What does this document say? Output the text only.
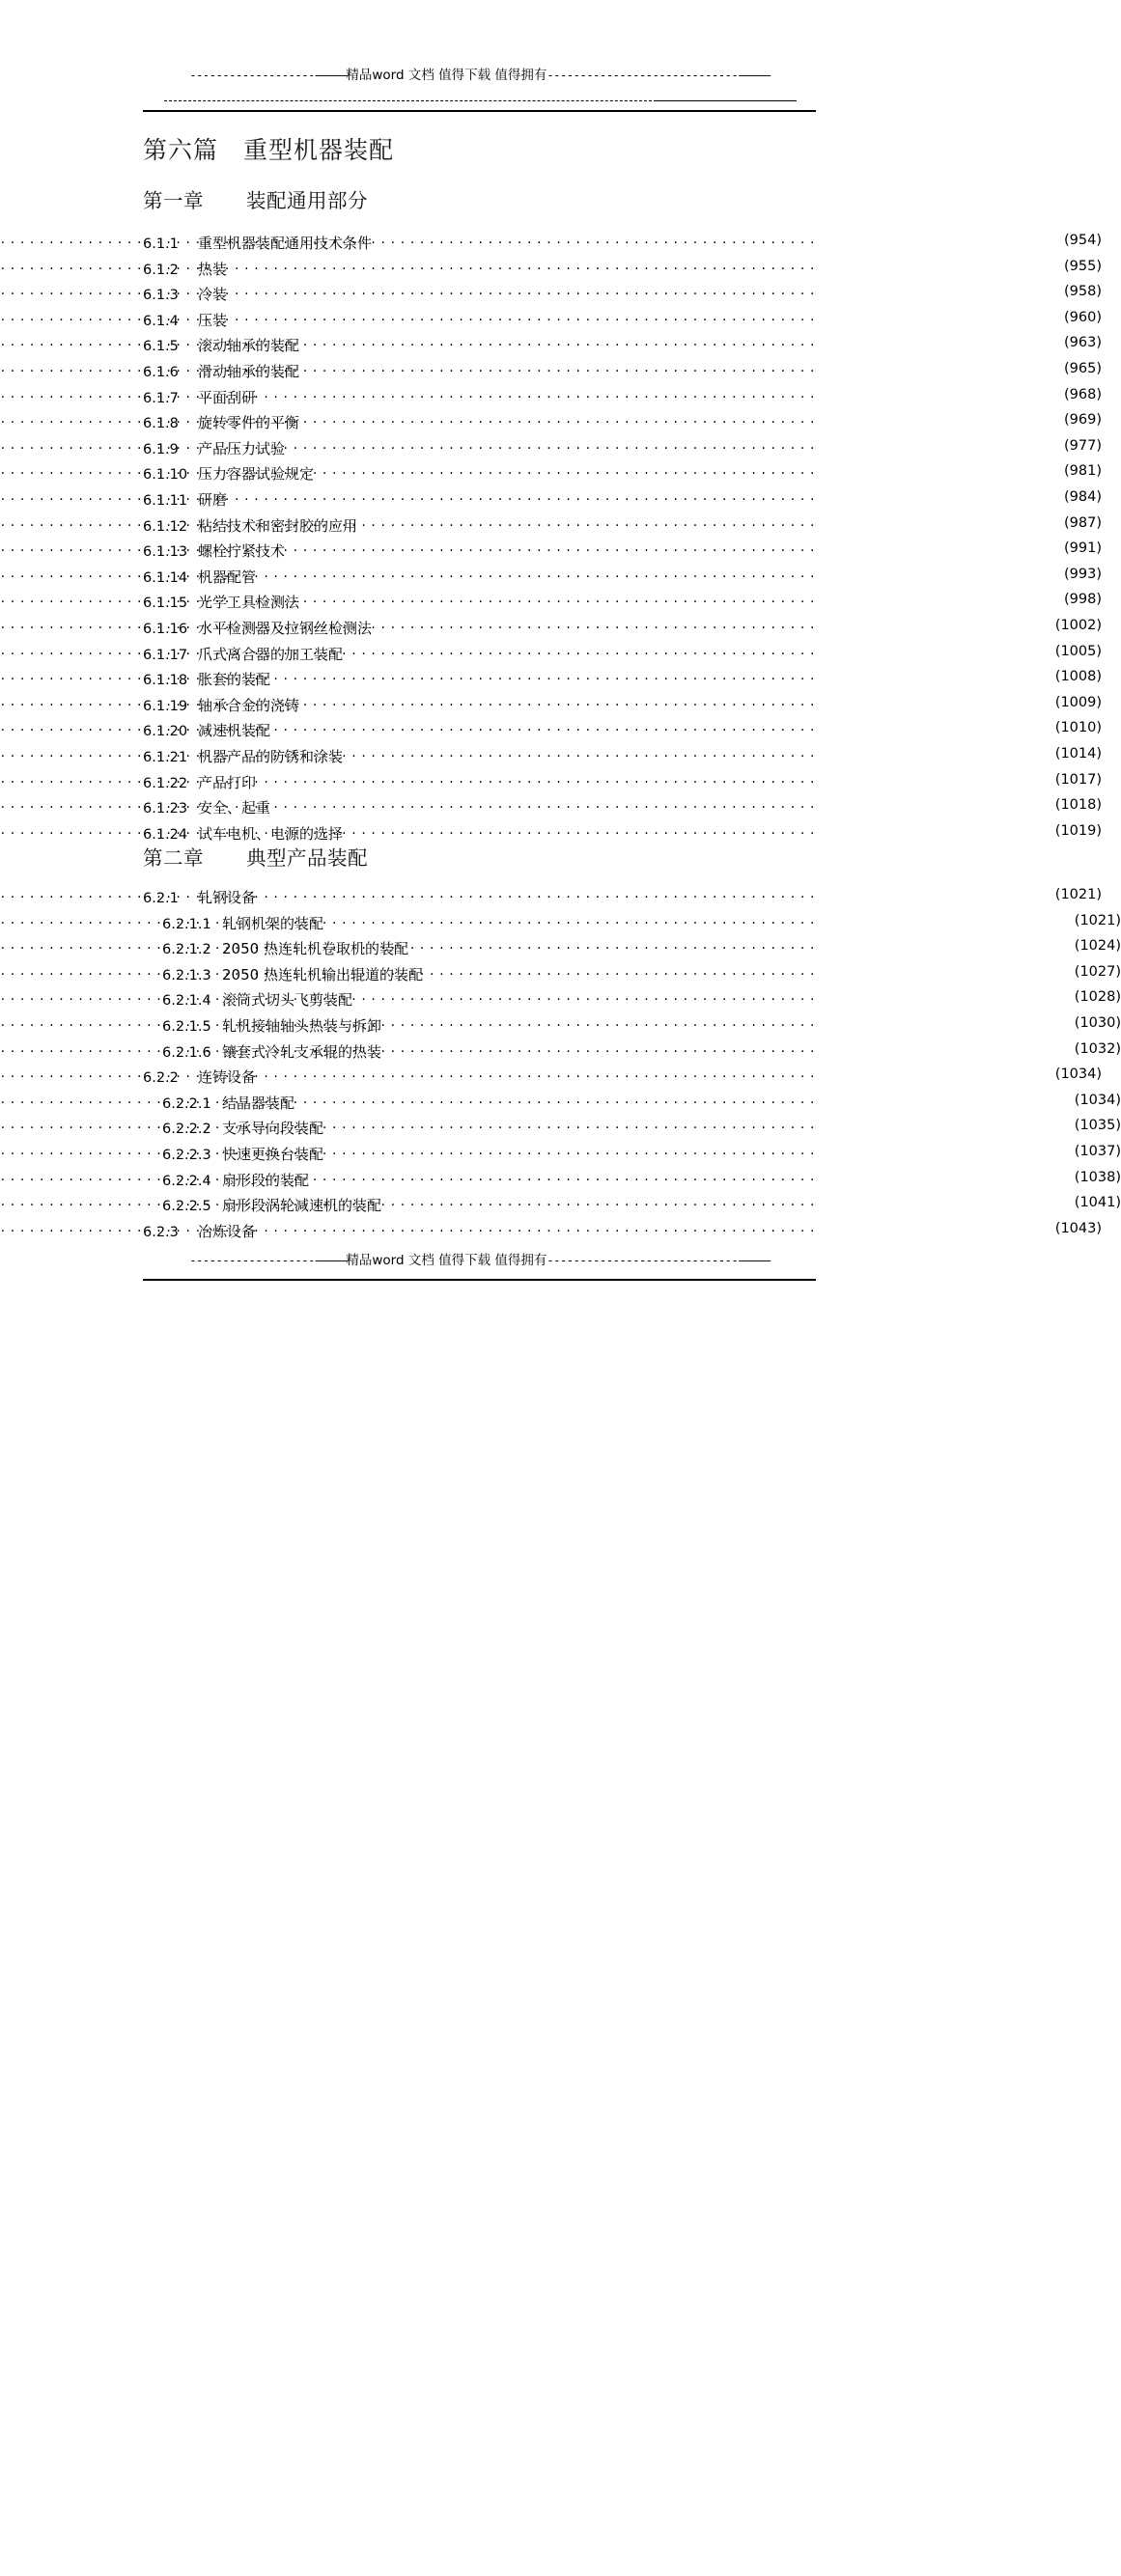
-------------------———精品word 文档 值得下载 值得拥有-----------------------------———
第六篇 重型机器装配
第一章 装配通用部分
6.1.1	重型机器装配通用技术条件 . . .	(954)
6.1.2	热装 . . .	(955)
6.1.3	冷装 . . .	(958)
6.1.4	压装 . . .	(960)
6.1.5	滚动轴承的装配 . . .	(963)
6.1.6	滑动轴承的装配 . . .	(965)
6.1.7	平面刮研 . . .	(968)
6.1.8	旋转零件的平衡 . . .	(969)
6.1.9	产品压力试验 . . .	(977)
6.1.10 压力容器试验规定 . . .	(981)
6.1.11 研磨 . . .	(984)
6.1.12 粘结技术和密封胶的应用 . . .	(987)
6.1.13 螺栓拧紧技术 . . .	(991)
6.1.14 机器配管 . . .	(993)
6.1.15 光学工具检测法 . . .	(998)
6.1.16 水平检测器及拉钢丝检测法 . . .	(1002)
6.1.17 爪式离合器的加工装配 . . .	(1005)
6.1.18 胀套的装配 . . .	(1008)
6.1.19 轴承合金的浇铸 . . .	(1009)
6.1.20 减速机装配 . . .	(1010)
6.1.21 机器产品的防锈和涂装 . . .	(1014)
6.1.22 产品打印 . . .	(1017)
6.1.23 安全、起重 . . .	(1018)
6.1.24 试车电机、电源的选择 . . .	(1019)
第二章 典型产品装配
6.2.1	轧钢设备 . . .	(1021)
6.2.1.1 轧钢机架的装配 . . .	(1021)
6.2.1.2 2050 热连轧机卷取机的装配 . . .	(1024)
6.2.1.3 2050 热连轧机输出辊道的装配 . . .	(1027)
6.2.1.4 滚筒式切头飞剪装配 . . .	(1028)
6.2.1.5 轧机接轴轴头热装与拆卸 . . .	(1030)
6.2.1.6 镶套式冷轧支承辊的热装 . . .	(1032)
6.2.2	连铸设备 . . .	(1034)
6.2.2.1 结晶器装配 . . .	(1034)
6.2.2.2 支承导向段装配 . . .	(1035)
6.2.2.3 快速更换台装配 . . .	(1037)
6.2.2.4 扇形段的装配 . . .	(1038)
6.2.2.5 扇形段涡轮减速机的装配 . . .	(1041)
6.2.3	冶炼设备 . . .	(1043)
-------------------———精品word 文档 值得下载 值得拥有-----------------------------———
